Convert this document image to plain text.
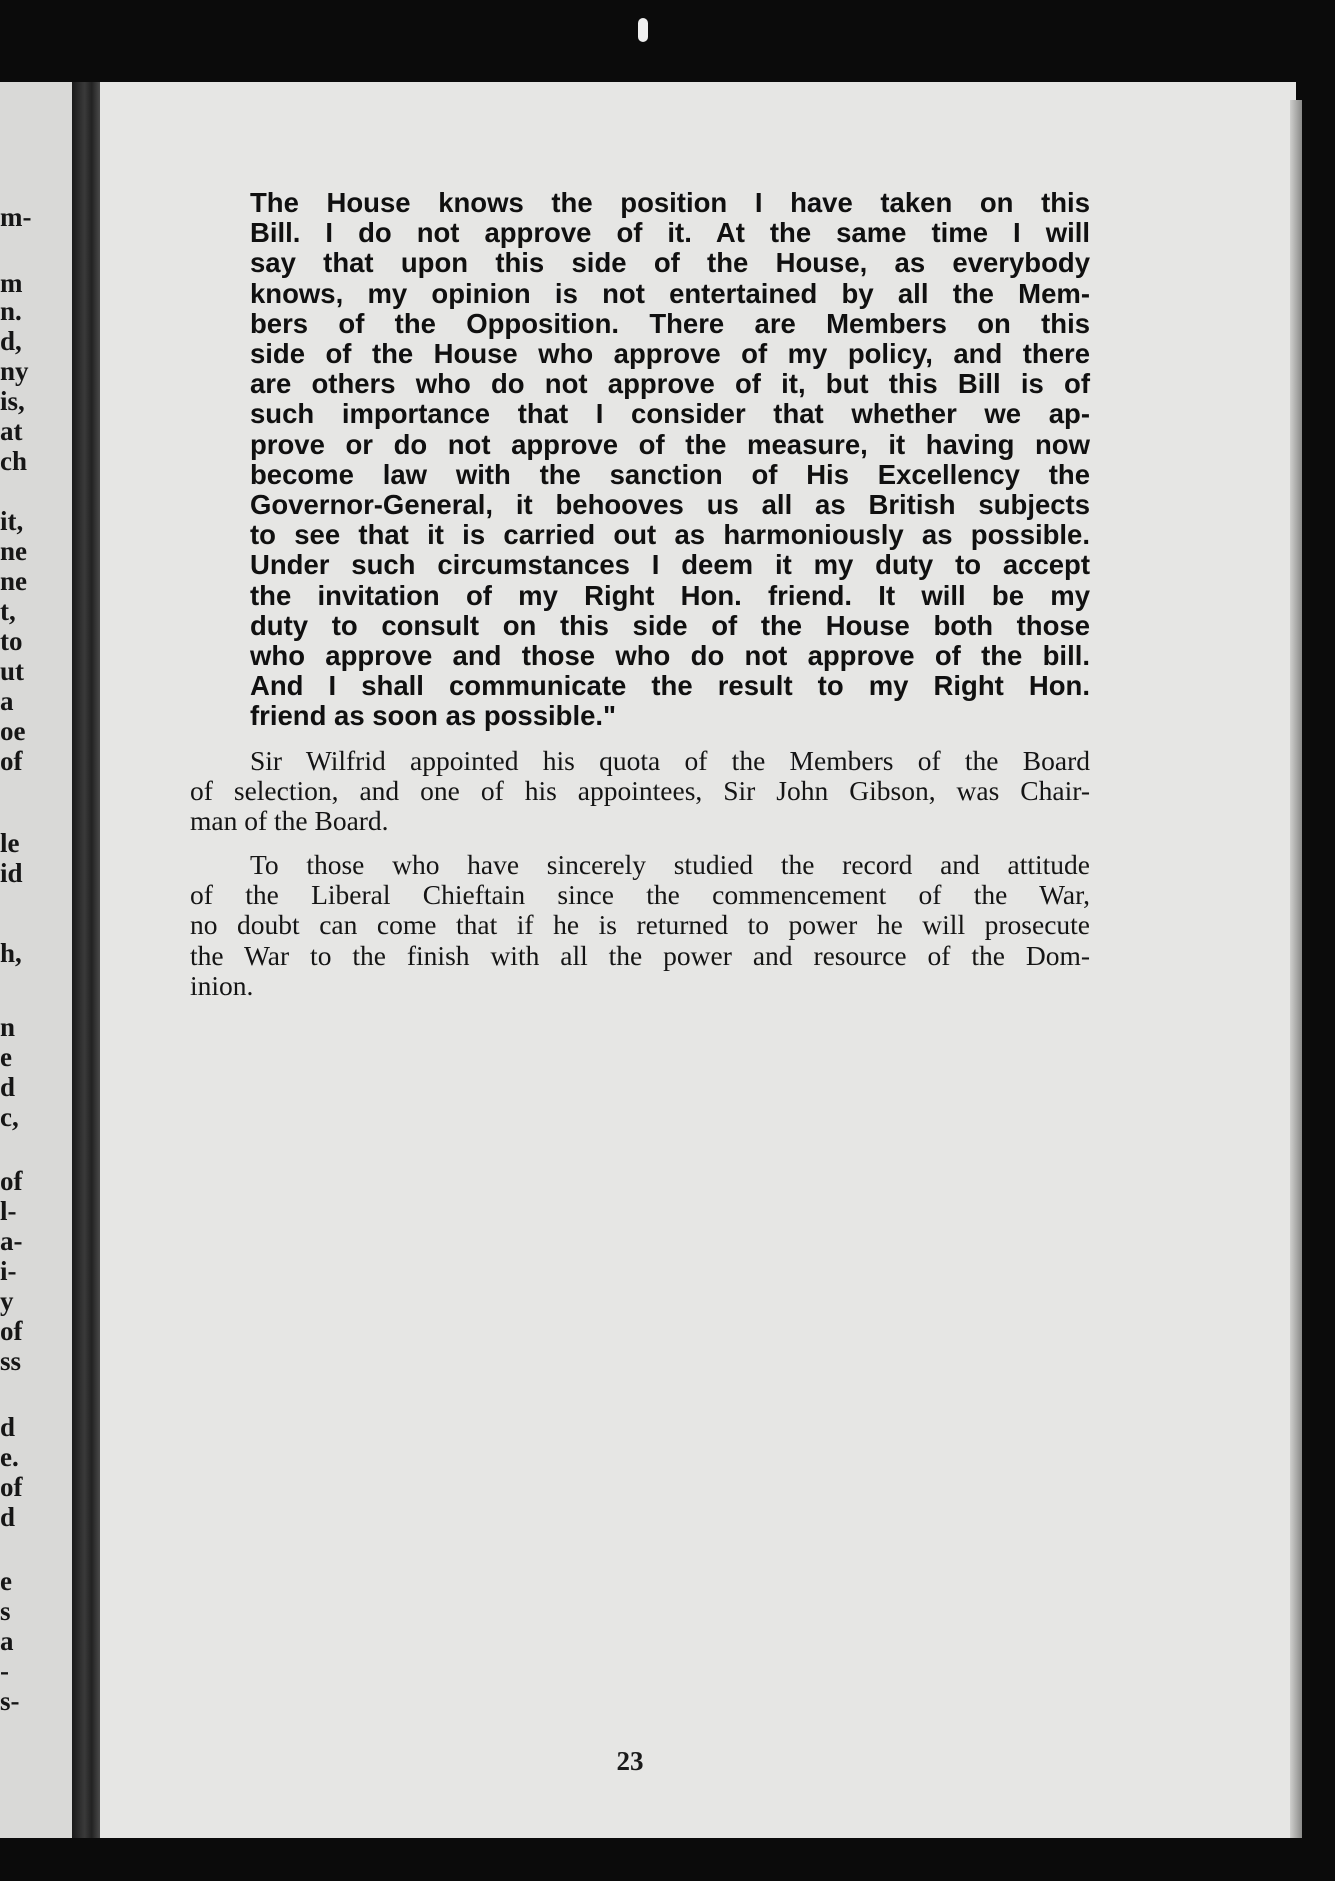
m-
m
n.
d,
ny
is,
at
ch
it,
ne
ne
t,
to
ut
a
oe
of
le
id
h,
n
e
d
c,
of
l-
a-
i-
y
of
ss
d
e.
of
d
e
s
a
-
s-
The House knows the position I have taken on this
Bill. I do not approve of it. At the same time I will
say that upon this side of the House, as everybody
knows, my opinion is not entertained by all the Mem-
bers of the Opposition. There are Members on this
side of the House who approve of my policy, and there
are others who do not approve of it, but this Bill is of
such importance that I consider that whether we ap-
prove or do not approve of the measure, it having now
become law with the sanction of His Excellency the
Governor-General, it behooves us all as British subjects
to see that it is carried out as harmoniously as possible.
Under such circumstances I deem it my duty to accept
the invitation of my Right Hon. friend. It will be my
duty to consult on this side of the House both those
who approve and those who do not approve of the bill.
And I shall communicate the result to my Right Hon.
friend as soon as possible."
Sir Wilfrid appointed his quota of the Members of the Board
of selection, and one of his appointees, Sir John Gibson, was Chair-
man of the Board.
To those who have sincerely studied the record and attitude
of the Liberal Chieftain since the commencement of the War,
no doubt can come that if he is returned to power he will prosecute
the War to the finish with all the power and resource of the Dom-
inion.
23
